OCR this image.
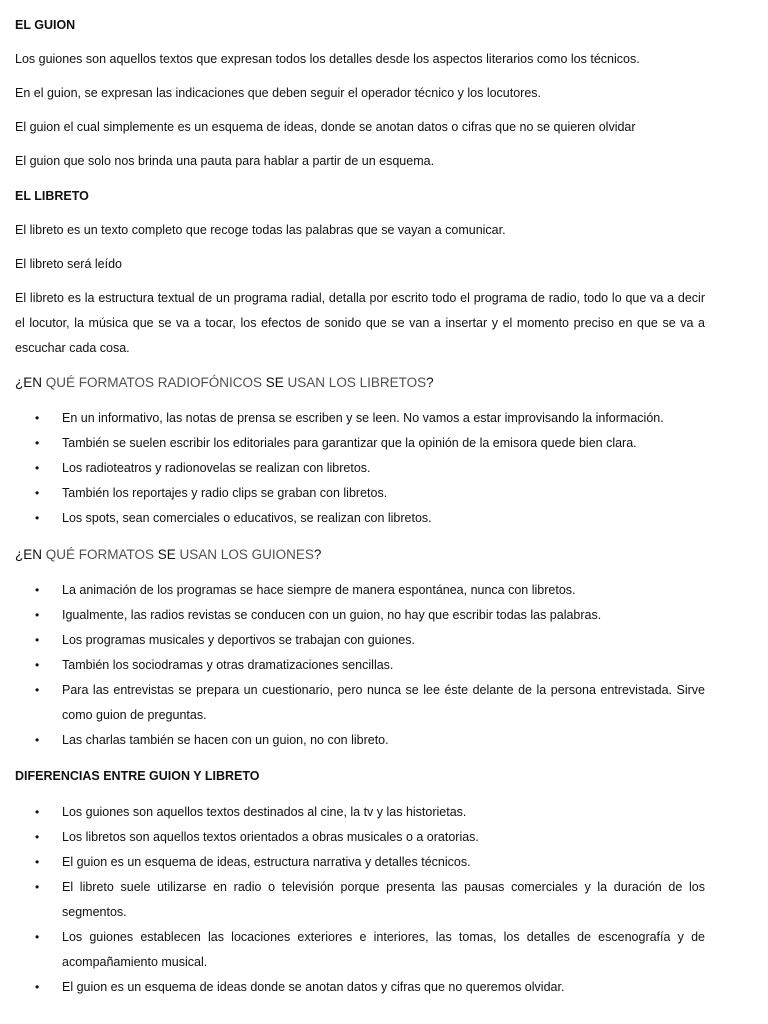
EL GUION

Los guiones son aquellos textos que expresan todos los detalles desde los aspectos literarios como los técnicos.

En el guion, se expresan las indicaciones que deben seguir el operador técnico y los locutores.

El guion el cual simplemente es un esquema de ideas, donde se anotan datos o cifras que no se quieren olvidar

El guion que solo nos brinda una pauta para hablar a partir de un esquema.

EL LIBRETO

El libreto es un texto completo que recoge todas las palabras que se vayan a comunicar.

El libreto será leído

El libreto es la estructura textual de un programa radial, detalla por escrito todo el programa de radio, todo lo que va a decir el locutor, la música que se va a tocar, los efectos de sonido que se van a insertar y el momento preciso en que se va a escuchar cada cosa.

¿EN QUÉ FORMATOS RADIOFÓNICOS SE USAN LOS LIBRETOS?

• En un informativo, las notas de prensa se escriben y se leen. No vamos a estar improvisando la información.
• También se suelen escribir los editoriales para garantizar que la opinión de la emisora quede bien clara.
• Los radioteatros y radionovelas se realizan con libretos.
• También los reportajes y radio clips se graban con libretos.
• Los spots, sean comerciales o educativos, se realizan con libretos.

¿EN QUÉ FORMATOS SE USAN LOS GUIONES?

• La animación de los programas se hace siempre de manera espontánea, nunca con libretos.
• Igualmente, las radios revistas se conducen con un guion, no hay que escribir todas las palabras.
• Los programas musicales y deportivos se trabajan con guiones.
• También los sociodramas y otras dramatizaciones sencillas.
• Para las entrevistas se prepara un cuestionario, pero nunca se lee éste delante de la persona entrevistada. Sirve como guion de preguntas.
• Las charlas también se hacen con un guion, no con libreto.

DIFERENCIAS ENTRE GUION Y LIBRETO

• Los guiones son aquellos textos destinados al cine, la tv y las historietas.
• Los libretos son aquellos textos orientados a obras musicales o a oratorias.
• El guion es un esquema de ideas, estructura narrativa y detalles técnicos.
• El libreto suele utilizarse en radio o televisión porque presenta las pausas comerciales y la duración de los segmentos.
• Los guiones establecen las locaciones exteriores e interiores, las tomas, los detalles de escenografía y de acompañamiento musical.
• El guion es un esquema de ideas donde se anotan datos y cifras que no queremos olvidar.
